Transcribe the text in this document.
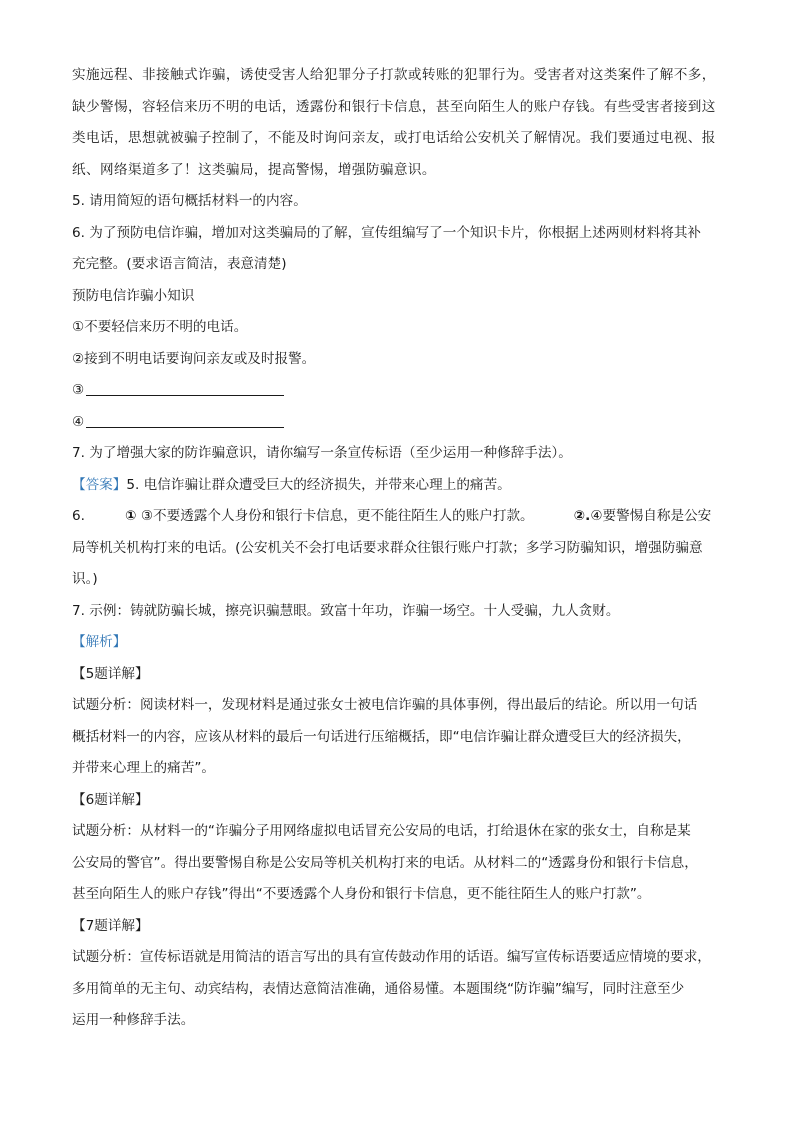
实施远程、非接触式诈骗，诱使受害人给犯罪分子打款或转账的犯罪行为。受害者对这类案件了解不多，

缺少警惕，容轻信来历不明的电话，透露份和银行卡信息，甚至向陌生人的账户存钱。有些受害者接到这

类电话，思想就被骗子控制了，不能及时询问亲友，或打电话给公安机关了解情况。我们要通过电视、报

纸、网络渠道多了！这类骗局，提高警惕，增强防骗意识。

5. 请用简短的语句概括材料一的内容。

6. 为了预防电信诈骗，增加对这类骗局的了解，宣传组编写了一个知识卡片，你根据上述两则材料将其补

充完整。(要求语言简洁，表意清楚)

预防电信诈骗小知识

①不要轻信来历不明的电话。

②接到不明电话要询问亲友或及时报警。

③

④

7. 为了增强大家的防诈骗意识，请你编写一条宣传标语（至少运用一种修辞手法）。

【答案】5. 电信诈骗让群众遭受巨大的经济损失，并带来心理上的痛苦。

6.	① ③不要透露个人身份和银行卡信息，更不能往陌生人的账户打款。	②.④要警惕自称是公安

局等机关机构打来的电话。(公安机关不会打电话要求群众往银行账户打款；多学习防骗知识，增强防骗意

识。)

7. 示例：铸就防骗长城，擦亮识骗慧眼。致富十年功，诈骗一场空。十人受骗，九人贪财。

【解析】

【5题详解】

试题分析：阅读材料一，发现材料是通过张女士被电信诈骗的具体事例，得出最后的结论。所以用一句话

概括材料一的内容，应该从材料的最后一句话进行压缩概括，即“电信诈骗让群众遭受巨大的经济损失，

并带来心理上的痛苦”。

【6题详解】

试题分析：从材料一的“诈骗分子用网络虚拟电话冒充公安局的电话，打给退休在家的张女士，自称是某

公安局的警官”。得出要警惕自称是公安局等机关机构打来的电话。从材料二的“透露身份和银行卡信息，

甚至向陌生人的账户存钱”得出“不要透露个人身份和银行卡信息，更不能往陌生人的账户打款”。

【7题详解】

试题分析：宣传标语就是用简洁的语言写出的具有宣传鼓动作用的话语。编写宣传标语要适应情境的要求，

多用简单的无主句、动宾结构，表情达意简洁准确，通俗易懂。本题围绕“防诈骗”编写，同时注意至少

运用一种修辞手法。
